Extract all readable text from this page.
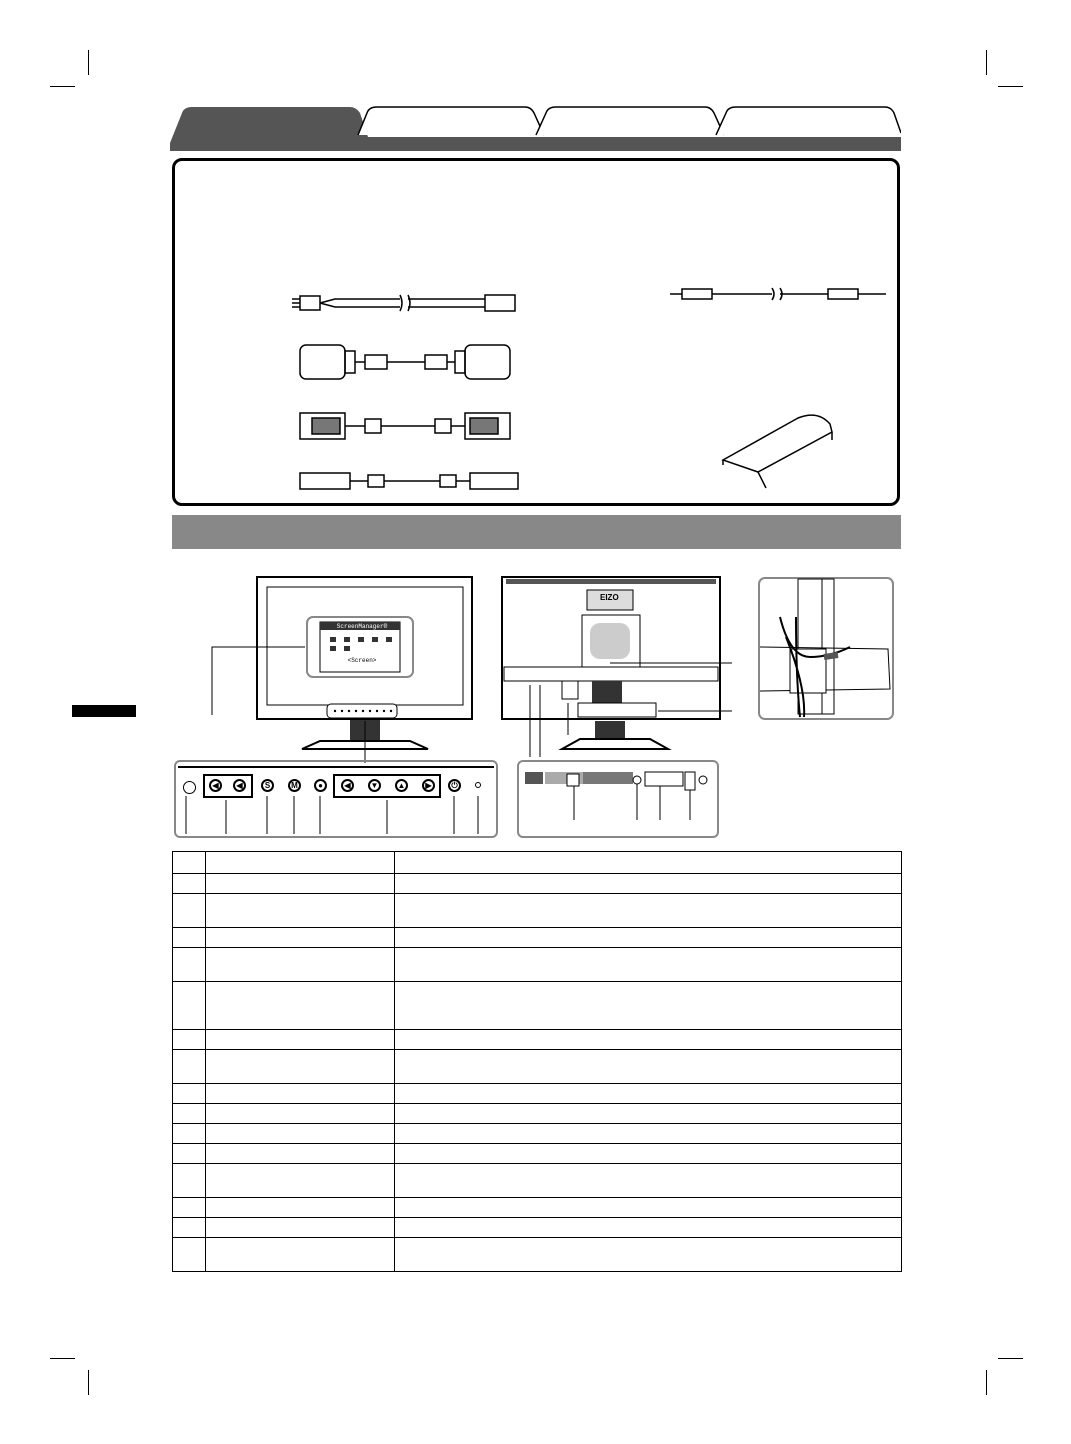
ScreenManager®
<Screen>
◀	◀	S	M	●	◀	▼	▲	▶	⏻
EIZO
